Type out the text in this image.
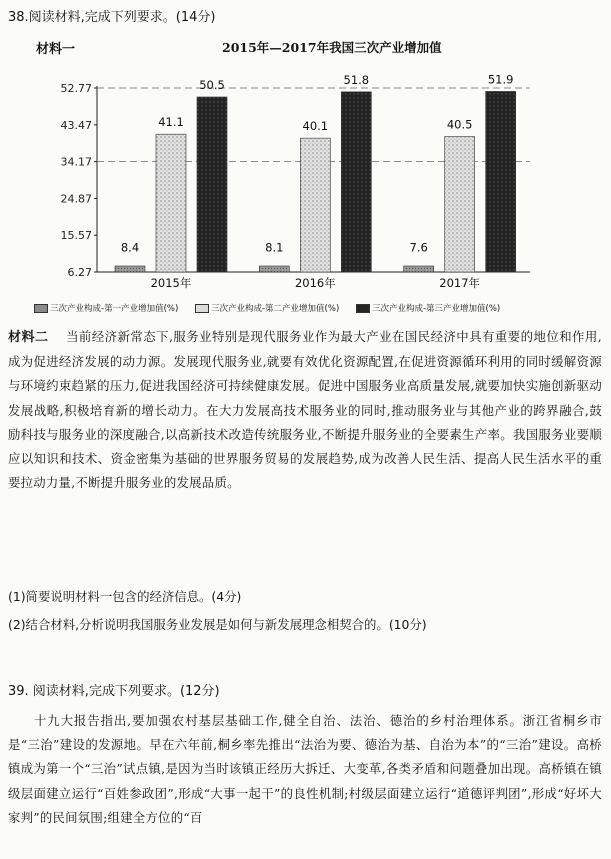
38.阅读材料,完成下列要求。(14分)
材料一	2015年—2017年我国三次产业增加值
6.27
15.57
24.87
34.17
43.47
52.77
8.4
41.1
50.5
2015年
8.1
40.1
51.8
2016年
7.6
40.5
51.9
2017年
三次产业构成-第一产业增加值(%)	三次产业构成-第二产业增加值(%)	三次产业构成-第三产业增加值(%)

材料二 当前经济新常态下,服务业特别是现代服务业作为最大产业在国民经济中具有重要的地位和作用,成为促进经济发展的动力源。发展现代服务业,就要有效优化资源配置,在促进资源循环利用的同时缓解资源与环境约束趋紧的压力,促进我国经济可持续健康发展。促进中国服务业高质量发展,就要加快实施创新驱动发展战略,积极培育新的增长动力。在大力发展高技术服务业的同时,推动服务业与其他产业的跨界融合,鼓励科技与服务业的深度融合,以高新技术改造传统服务业,不断提升服务业的全要素生产率。我国服务业要顺应以知识和技术、资金密集为基础的世界服务贸易的发展趋势,成为改善人民生活、提高人民生活水平的重要拉动力量,不断提升服务业的发展品质。

(1)简要说明材料一包含的经济信息。(4分)
(2)结合材料,分析说明我国服务业发展是如何与新发展理念相契合的。(10分)
39. 阅读材料,完成下列要求。(12分)

十九大报告指出,要加强农村基层基础工作,健全自治、法治、德治的乡村治理体系。浙江省桐乡市是“三治”建设的发源地。早在六年前,桐乡率先推出“法治为要、德治为基、自治为本”的“三治”建设。高桥镇成为第一个“三治”试点镇,是因为当时该镇正经历大拆迁、大变革,各类矛盾和问题叠加出现。高桥镇在镇级层面建立运行“百姓参政团”,形成“大事一起干”的良性机制;村级层面建立运行“道德评判团”,形成“好坏大家判”的民间氛围;组建全方位的“百
